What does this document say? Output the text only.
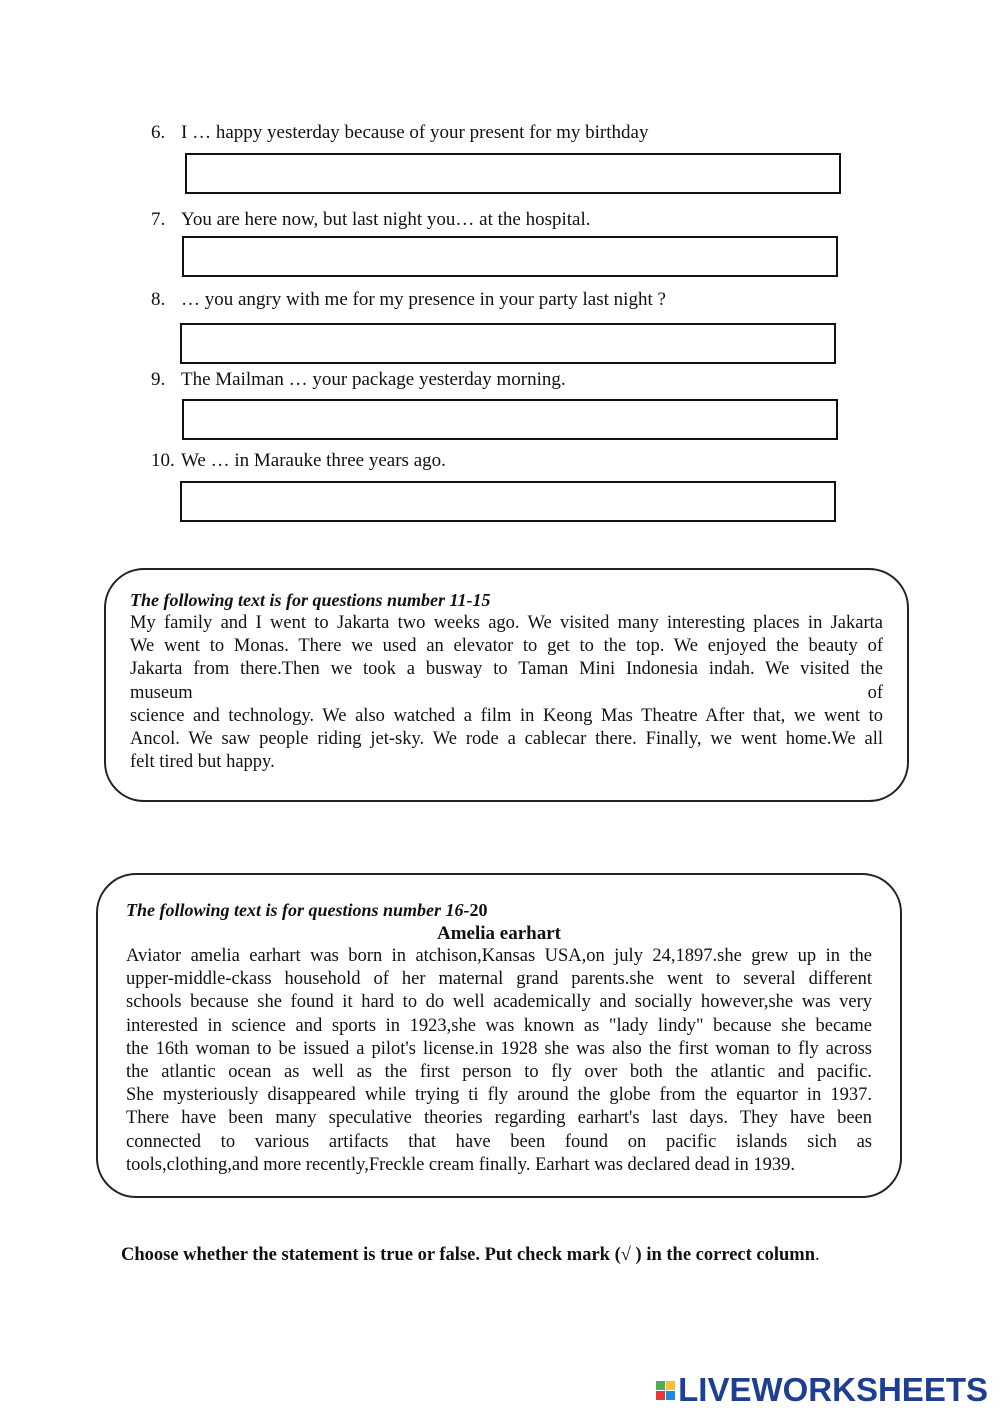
6. I … happy yesterday because of your present for my birthday
7. You are here now, but last night you… at the hospital.
8. … you angry with me for my presence in your party last night ?
9. The Mailman … your package yesterday morning.
10. We … in Marauke three years ago.
The following text is for questions number 11-15
My family and I went to Jakarta two weeks ago. We visited many interesting places in Jakarta
We went to Monas. There we used an elevator to get to the top. We enjoyed the beauty of
Jakarta from there.Then we took a busway to Taman Mini Indonesia indah. We visited the
museum of
science and technology. We also watched a film in Keong Mas Theatre After that, we went to
Ancol. We saw people riding jet-sky. We rode a cablecar there. Finally, we went home.We all
felt tired but happy.
The following text is for questions number 16-20
Amelia earhart
Aviator amelia earhart was born in atchison,Kansas USA,on july 24,1897.she grew up in the
upper-middle-ckass household of her maternal grand parents.she went to several different
schools because she found it hard to do well academically and socially however,she was very
interested in science and sports in 1923,she was known as "lady lindy" because she became
the 16th woman to be issued a pilot's license.in 1928 she was also the first woman to fly across
the atlantic ocean as well as the first person to fly over both the atlantic and pacific.
She mysteriously disappeared while trying ti fly around the globe from the equartor in 1937.
There have been many speculative theories regarding earhart's last days. They have been
connected to various artifacts that have been found on pacific islands sich as
tools,clothing,and more recently,Freckle cream finally. Earhart was declared dead in 1939.
Choose whether the statement is true or false. Put check mark (√ ) in the correct column.
LIVEWORKSHEETS
